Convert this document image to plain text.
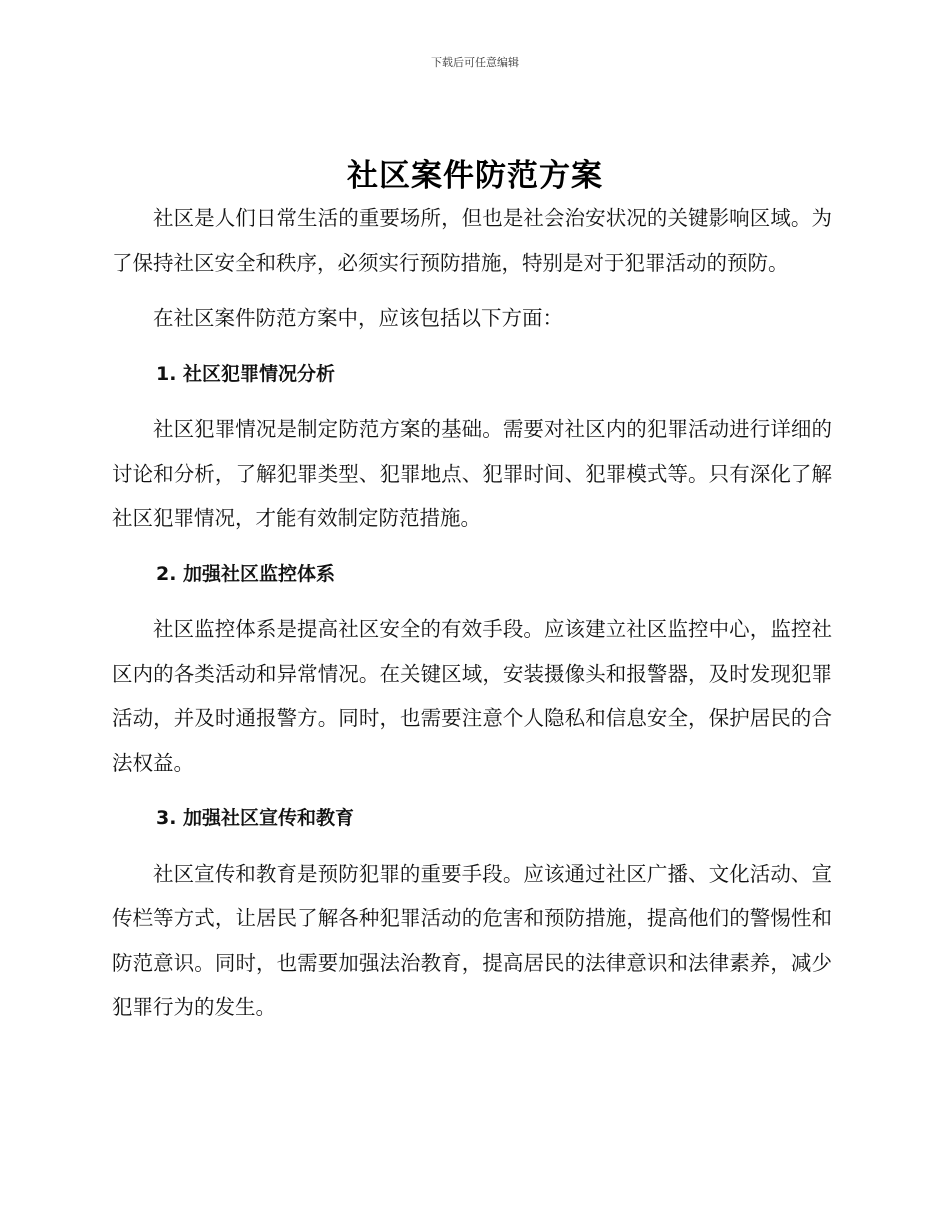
下载后可任意编辑
社区案件防范方案

社区是人们日常生活的重要场所，但也是社会治安状况的关键影响区域。为了保持社区安全和秩序，必须实行预防措施，特别是对于犯罪活动的预防。

在社区案件防范方案中，应该包括以下方面：

1. 社区犯罪情况分析

社区犯罪情况是制定防范方案的基础。需要对社区内的犯罪活动进行详细的讨论和分析，了解犯罪类型、犯罪地点、犯罪时间、犯罪模式等。只有深化了解社区犯罪情况，才能有效制定防范措施。

2. 加强社区监控体系

社区监控体系是提高社区安全的有效手段。应该建立社区监控中心，监控社区内的各类活动和异常情况。在关键区域，安装摄像头和报警器，及时发现犯罪活动，并及时通报警方。同时，也需要注意个人隐私和信息安全，保护居民的合法权益。

3. 加强社区宣传和教育

社区宣传和教育是预防犯罪的重要手段。应该通过社区广播、文化活动、宣传栏等方式，让居民了解各种犯罪活动的危害和预防措施，提高他们的警惕性和防范意识。同时，也需要加强法治教育，提高居民的法律意识和法律素养，减少犯罪行为的发生。
